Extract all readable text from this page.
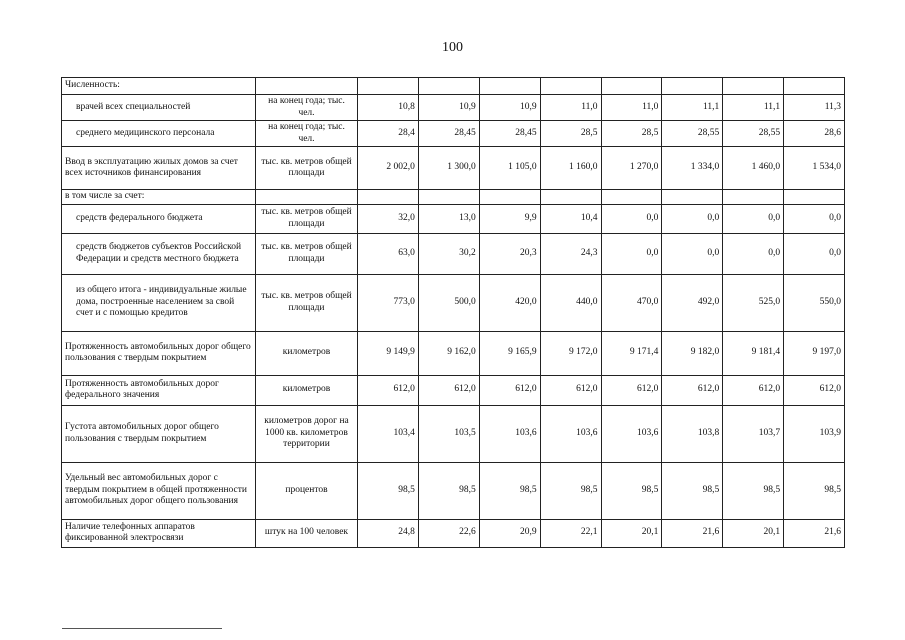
100
Численность:									
врачей всех специальностей	на конец года; тыс. чел.	10,8	10,9	10,9	11,0	11,0	11,1	11,1	11,3
среднего медицинского персонала	на конец года; тыс. чел.	28,4	28,45	28,45	28,5	28,5	28,55	28,55	28,6
Ввод в эксплуатацию жилых домов за счет всех источников финансирования	тыс. кв. метров общей площади	2 002,0	1 300,0	1 105,0	1 160,0	1 270,0	1 334,0	1 460,0	1 534,0
в том числе за счет:									
средств федерального бюджета	тыс. кв. метров общей площади	32,0	13,0	9,9	10,4	0,0	0,0	0,0	0,0
средств бюджетов субъектов Российской Федерации и средств местного бюджета	тыс. кв. метров общей площади	63,0	30,2	20,3	24,3	0,0	0,0	0,0	0,0
из общего итога - индивидуальные жилые дома, построенные населением за свой счет и с помощью кредитов	тыс. кв. метров общей площади	773,0	500,0	420,0	440,0	470,0	492,0	525,0	550,0
Протяженность автомобильных дорог общего пользования с твердым покрытием	километров	9 149,9	9 162,0	9 165,9	9 172,0	9 171,4	9 182,0	9 181,4	9 197,0
Протяженность автомобильных дорог федерального значения	километров	612,0	612,0	612,0	612,0	612,0	612,0	612,0	612,0
Густота автомобильных дорог общего пользования с твердым покрытием	километров дорог на 1000 кв. километров территории	103,4	103,5	103,6	103,6	103,6	103,8	103,7	103,9
Удельный вес автомобильных дорог с твердым покрытием в общей протяженности автомобильных дорог общего пользования	процентов	98,5	98,5	98,5	98,5	98,5	98,5	98,5	98,5
Наличие телефонных аппаратов фиксированной электросвязи	штук на 100 человек	24,8	22,6	20,9	22,1	20,1	21,6	20,1	21,6
